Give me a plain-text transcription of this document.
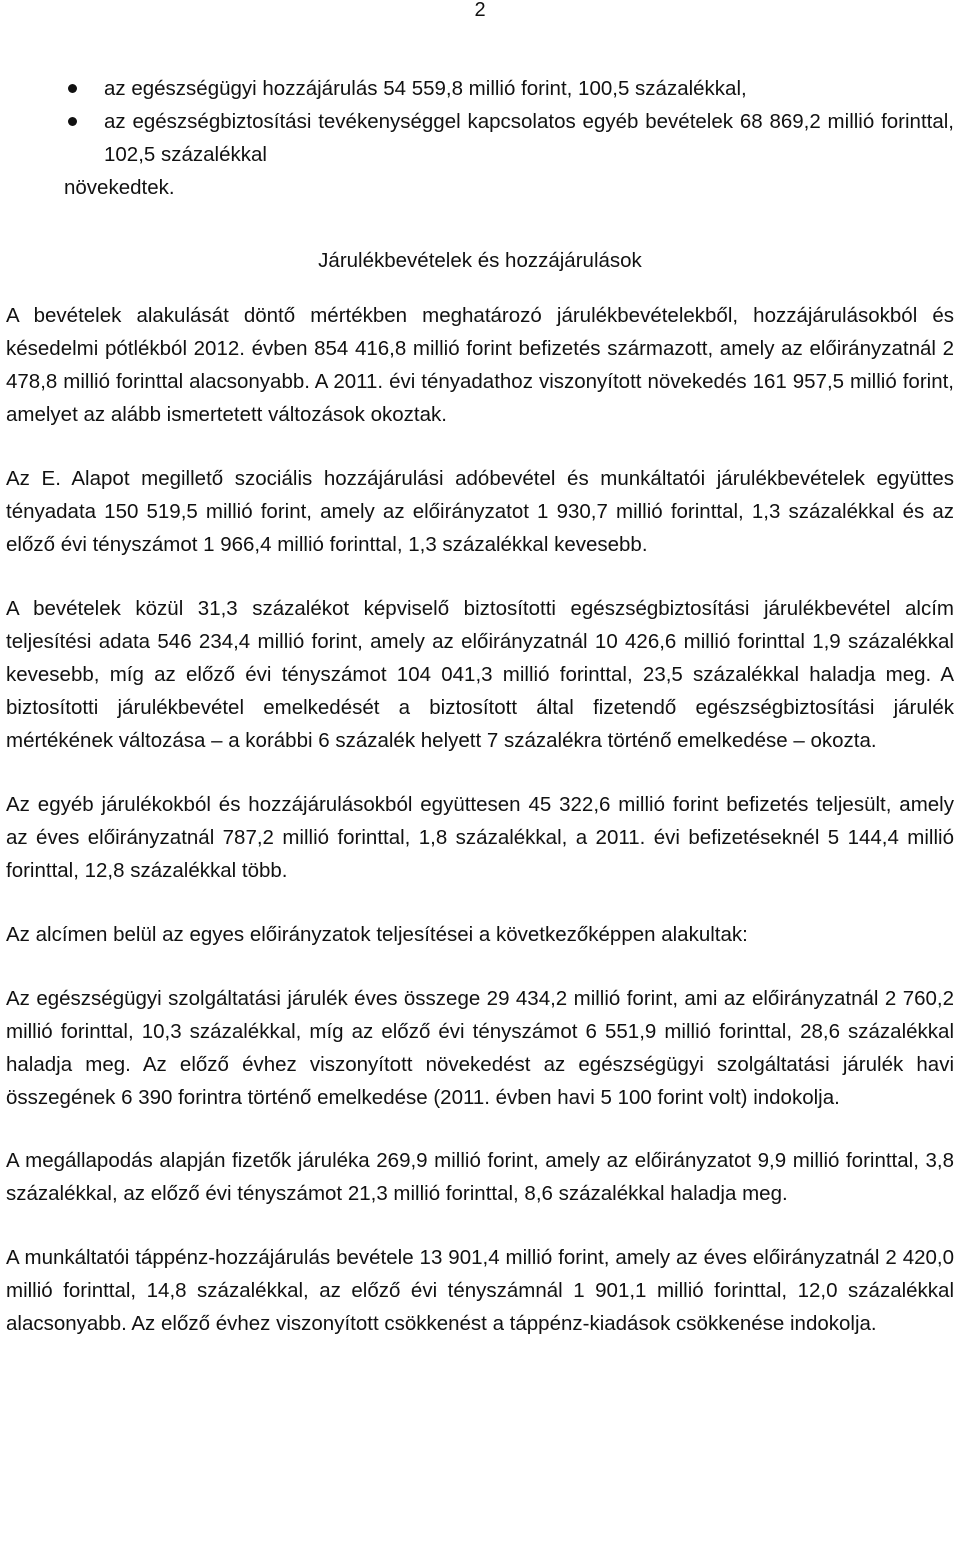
2
az egészségügyi hozzájárulás 54 559,8 millió forint, 100,5 százalékkal,
az egészségbiztosítási tevékenységgel kapcsolatos egyéb bevételek 68 869,2 millió forinttal, 102,5 százalékkal

növekedtek.

Járulékbevételek és hozzájárulások

A bevételek alakulását döntő mértékben meghatározó járulékbevételekből, hozzájárulásokból és késedelmi pótlékból 2012. évben 854 416,8 millió forint befizetés származott, amely az előirányzatnál 2 478,8 millió forinttal alacsonyabb. A 2011. évi tényadathoz viszonyított növekedés 161 957,5 millió forint, amelyet az alább ismertetett változások okoztak.

Az E. Alapot megillető szociális hozzájárulási adóbevétel és munkáltatói járulékbevételek együttes tényadata 150 519,5 millió forint, amely az előirányzatot 1 930,7 millió forinttal, 1,3 százalékkal és az előző évi tényszámot 1 966,4 millió forinttal, 1,3 százalékkal kevesebb.

A bevételek közül 31,3 százalékot képviselő biztosítotti egészségbiztosítási járulékbevétel alcím teljesítési adata 546 234,4 millió forint, amely az előirányzatnál 10 426,6 millió forinttal 1,9 százalékkal kevesebb, míg az előző évi tényszámot 104 041,3 millió forinttal, 23,5 százalékkal haladja meg. A biztosítotti járulékbevétel emelkedését a biztosított által fizetendő egészségbiztosítási járulék mértékének változása – a korábbi 6 százalék helyett 7 százalékra történő emelkedése – okozta.

Az egyéb járulékokból és hozzájárulásokból együttesen 45 322,6 millió forint befizetés teljesült, amely az éves előirányzatnál 787,2 millió forinttal, 1,8 százalékkal, a 2011. évi befizetéseknél 5 144,4 millió forinttal, 12,8 százalékkal több.

Az alcímen belül az egyes előirányzatok teljesítései a következőképpen alakultak:

Az egészségügyi szolgáltatási járulék éves összege 29 434,2 millió forint, ami az előirányzatnál 2 760,2 millió forinttal, 10,3 százalékkal, míg az előző évi tényszámot 6 551,9 millió forinttal, 28,6 százalékkal haladja meg. Az előző évhez viszonyított növekedést az egészségügyi szolgáltatási járulék havi összegének 6 390 forintra történő emelkedése (2011. évben havi 5 100 forint volt) indokolja.

A megállapodás alapján fizetők járuléka 269,9 millió forint, amely az előirányzatot 9,9 millió forinttal, 3,8 százalékkal, az előző évi tényszámot 21,3 millió forinttal, 8,6 százalékkal haladja meg.

A munkáltatói táppénz-hozzájárulás bevétele 13 901,4 millió forint, amely az éves előirányzatnál 2 420,0 millió forinttal, 14,8 százalékkal, az előző évi tényszámnál 1 901,1 millió forinttal, 12,0 százalékkal alacsonyabb. Az előző évhez viszonyított csökkenést a táppénz-kiadások csökkenése indokolja.
